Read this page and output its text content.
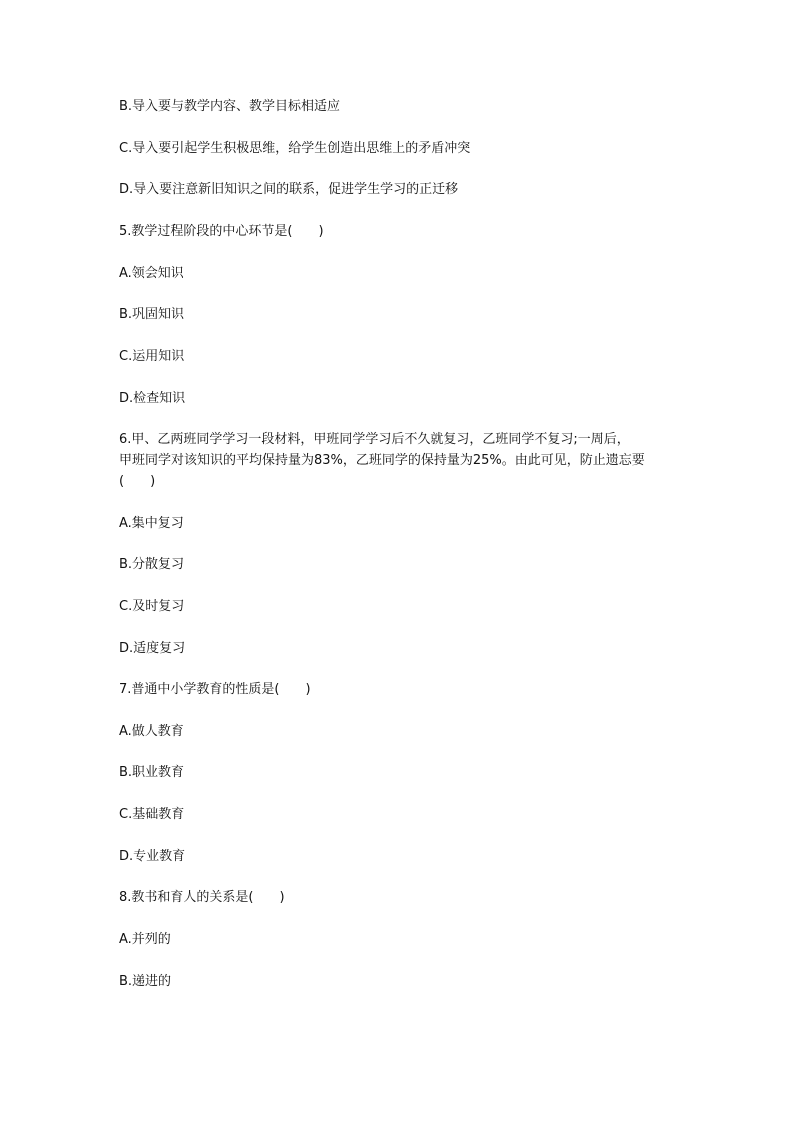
B.导入要与教学内容、教学目标相适应
C.导入要引起学生积极思维，给学生创造出思维上的矛盾冲突
D.导入要注意新旧知识之间的联系，促进学生学习的正迁移
5.教学过程阶段的中心环节是(　　)
A.领会知识
B.巩固知识
C.运用知识
D.检查知识
6.甲、乙两班同学学习一段材料，甲班同学学习后不久就复习，乙班同学不复习;一周后，
甲班同学对该知识的平均保持量为83%，乙班同学的保持量为25%。由此可见，防止遗忘要
(　　)
A.集中复习
B.分散复习
C.及时复习
D.适度复习
7.普通中小学教育的性质是(　　)
A.做人教育
B.职业教育
C.基础教育
D.专业教育
8.教书和育人的关系是(　　)
A.并列的
B.递进的
